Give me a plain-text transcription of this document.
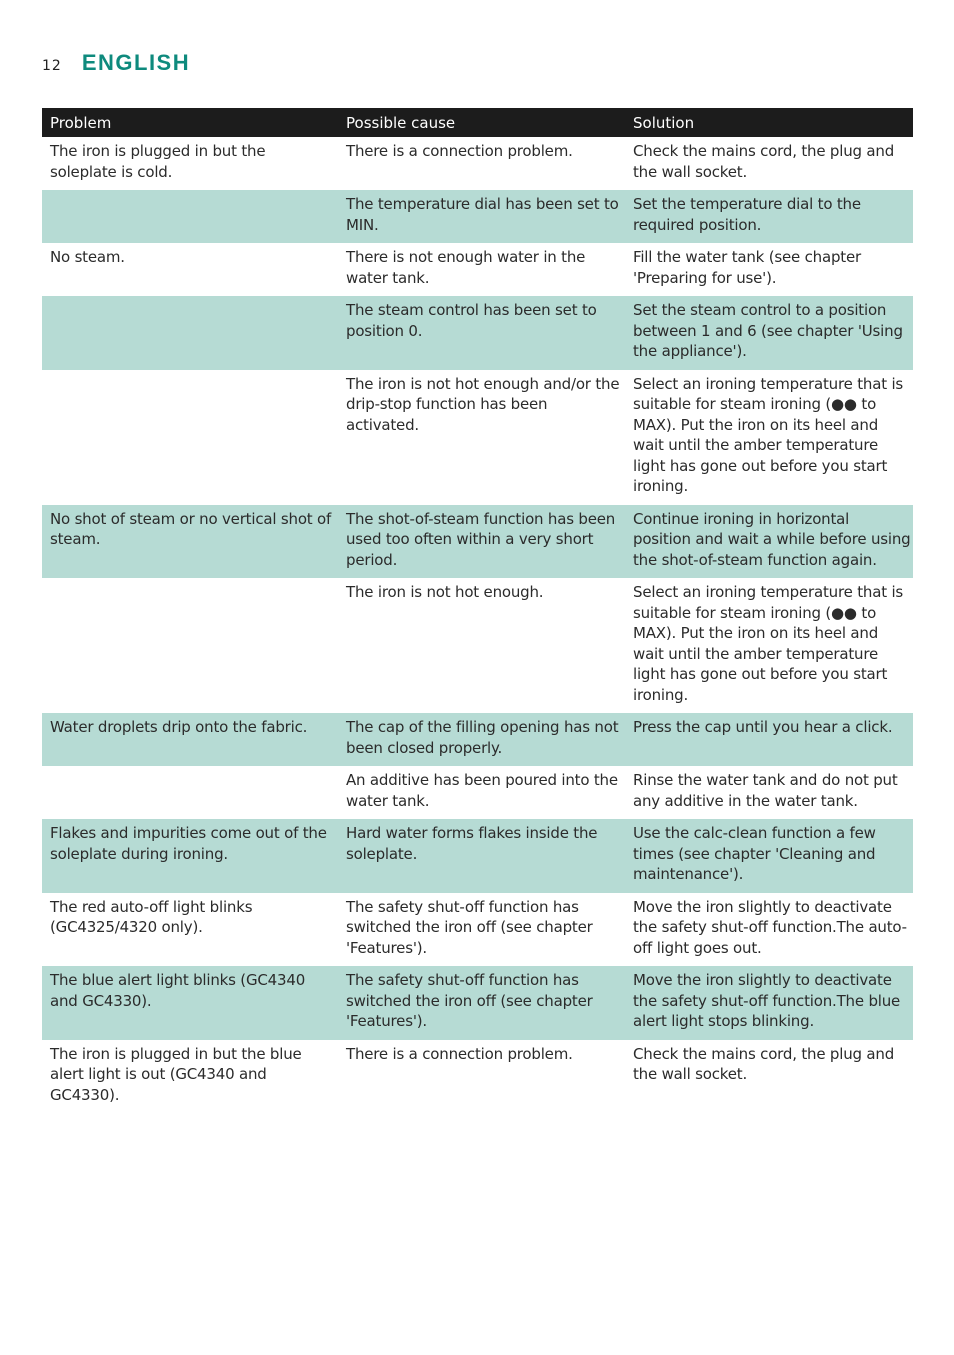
12 ENGLISH
Problem	Possible cause	Solution
The iron is plugged in but the soleplate is cold.	There is a connection problem.	Check the mains cord, the plug and the wall socket.
	The temperature dial has been set to MIN.	Set the temperature dial to the required position.
No steam.	There is not enough water in the water tank.	Fill the water tank (see chapter 'Preparing for use').
	The steam control has been set to position 0.	Set the steam control to a position between 1 and 6 (see chapter 'Using the appliance').
	The iron is not hot enough and/or the drip-stop function has been activated.	Select an ironing temperature that is suitable for steam ironing (●● to MAX). Put the iron on its heel and wait until the amber temperature light has gone out before you start ironing.
No shot of steam or no vertical shot of steam.	The shot-of-steam function has been used too often within a very short period.	Continue ironing in horizontal position and wait a while before using the shot-of-steam function again.
	The iron is not hot enough.	Select an ironing temperature that is suitable for steam ironing (●● to MAX). Put the iron on its heel and wait until the amber temperature light has gone out before you start ironing.
Water droplets drip onto the fabric.	The cap of the filling opening has not been closed properly.	Press the cap until you hear a click.
	An additive has been poured into the water tank.	Rinse the water tank and do not put any additive in the water tank.
Flakes and impurities come out of the soleplate during ironing.	Hard water forms flakes inside the soleplate.	Use the calc-clean function a few times (see chapter 'Cleaning and maintenance').
The red auto-off light blinks (GC4325/4320 only).	The safety shut-off function has switched the iron off (see chapter 'Features').	Move the iron slightly to deactivate the safety shut-off function.The auto-off light goes out.
The blue alert light blinks (GC4340 and GC4330).	The safety shut-off function has switched the iron off (see chapter 'Features').	Move the iron slightly to deactivate the safety shut-off function.The blue alert light stops blinking.
The iron is plugged in but the blue alert light is out (GC4340 and GC4330).	There is a connection problem.	Check the mains cord, the plug and the wall socket.
